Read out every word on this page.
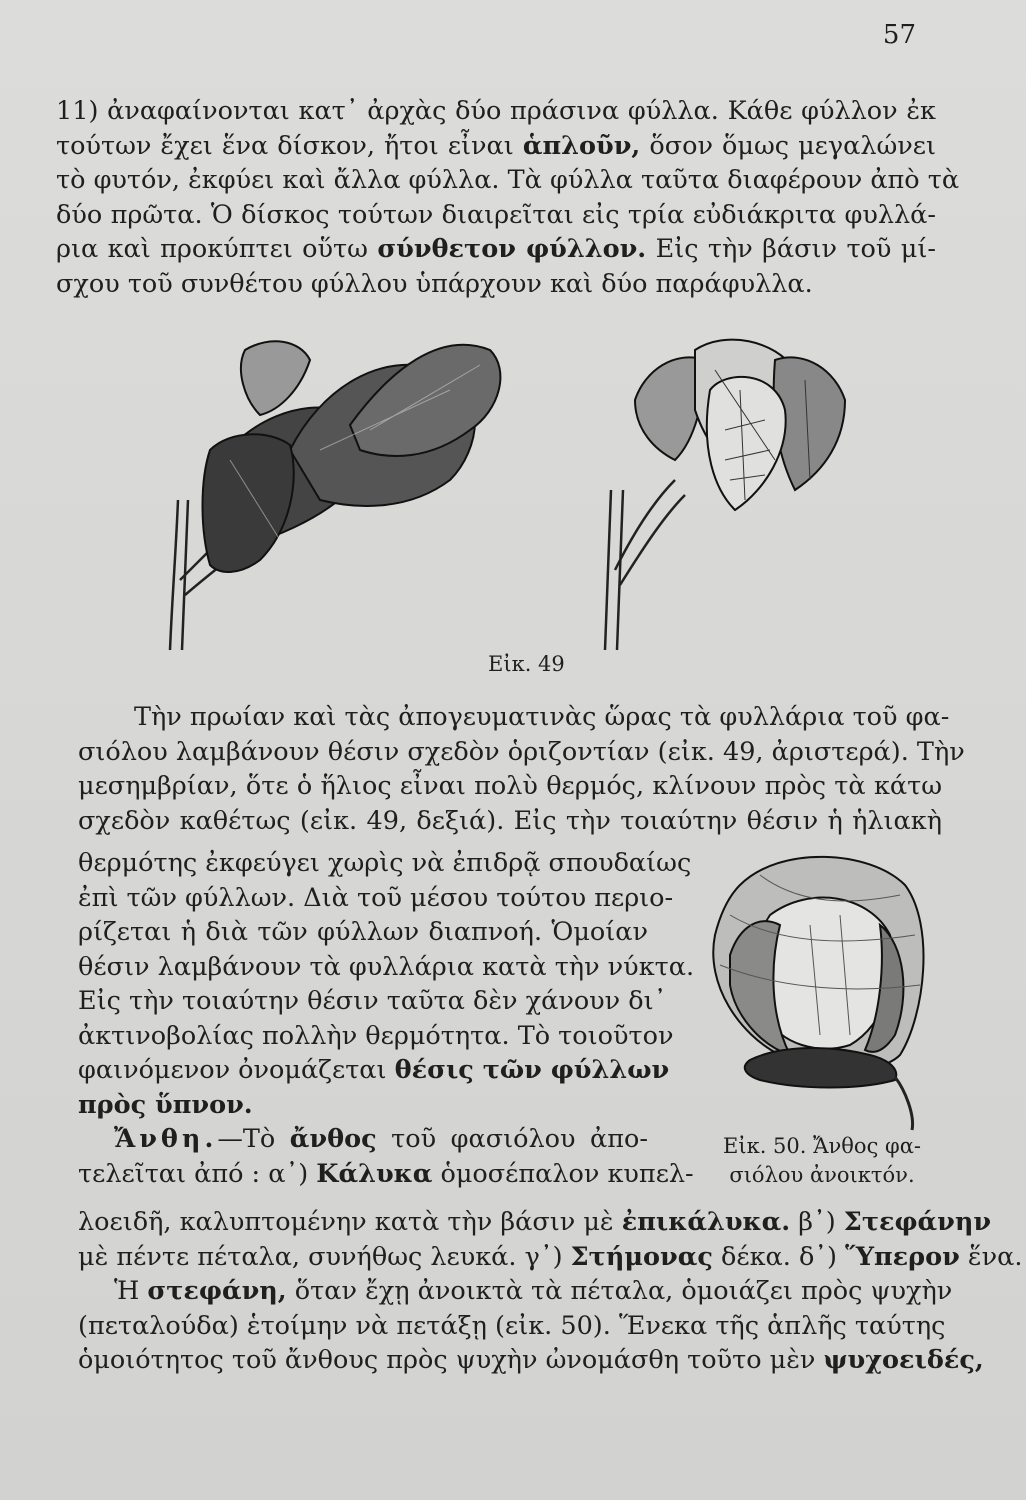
57
11) ἀναφαίνονται κατ᾽ ἀρχὰς δύο πράσινα φύλλα. Κάθε φύλλον ἐκ
τούτων ἔχει ἕνα δίσκον, ἤτοι εἶναι ἁπλοῦν, ὅσον ὅμως μεγαλώνει
τὸ φυτόν, ἐκφύει καὶ ἄλλα φύλλα. Τὰ φύλλα ταῦτα διαφέρουν ἀπὸ τὰ
δύο πρῶτα. Ὁ δίσκος τούτων διαιρεῖται εἰς τρία εὐδιάκριτα φυλλά-
ρια καὶ προκύπτει οὕτω σύνθετον φύλλον. Εἰς τὴν βάσιν τοῦ μί-
σχου τοῦ συνθέτου φύλλου ὑπάρχουν καὶ δύο παράφυλλα.
Εἰκ. 49
Τὴν πρωίαν καὶ τὰς ἀπογευματινὰς ὥρας τὰ φυλλάρια τοῦ φα-
σιόλου λαμβάνουν θέσιν σχεδὸν ὁριζοντίαν (εἰκ. 49, ἀριστερά). Τὴν
μεσημβρίαν, ὅτε ὁ ἥλιος εἶναι πολὺ θερμός, κλίνουν πρὸς τὰ κάτω
σχεδὸν καθέτως (εἰκ. 49, δεξιά). Εἰς τὴν τοιαύτην θέσιν ἡ ἡλιακὴ
θερμότης ἐκφεύγει χωρὶς νὰ ἐπιδρᾷ σπουδαίως
ἐπὶ τῶν φύλλων. Διὰ τοῦ μέσου τούτου περιο-
ρίζεται ἡ διὰ τῶν φύλλων διαπνοή. Ὁμοίαν
θέσιν λαμβάνουν τὰ φυλλάρια κατὰ τὴν νύκτα.
Εἰς τὴν τοιαύτην θέσιν ταῦτα δὲν χάνουν δι᾽
ἀκτινοβολίας πολλὴν θερμότητα. Τὸ τοιοῦτον
φαινόμενον ὀνομάζεται θέσις τῶν φύλλων
πρὸς ὕπνον.
Ἄνθη.—Τὸ ἄνθος τοῦ φασιόλου ἀπο-
τελεῖται ἀπό : α᾽) Κάλυκα ὁμοσέπαλον κυπελ-
Εἰκ. 50. Ἄνθος φα-
σιόλου ἀνοικτόν.
λοειδῆ, καλυπτομένην κατὰ τὴν βάσιν μὲ ἐπικάλυκα. β᾽) Στεφάνην
μὲ πέντε πέταλα, συνήθως λευκά. γ᾽) Στήμονας δέκα. δ᾽) Ὕπερον ἕνα.
Ἡ στεφάνη, ὅταν ἔχῃ ἀνοικτὰ τὰ πέταλα, ὁμοιάζει πρὸς ψυχὴν
(πεταλούδα) ἑτοίμην νὰ πετάξῃ (εἰκ. 50). Ἕνεκα τῆς ἁπλῆς ταύτης
ὁμοιότητος τοῦ ἄνθους πρὸς ψυχὴν ὠνομάσθη τοῦτο μὲν ψυχοειδές,
